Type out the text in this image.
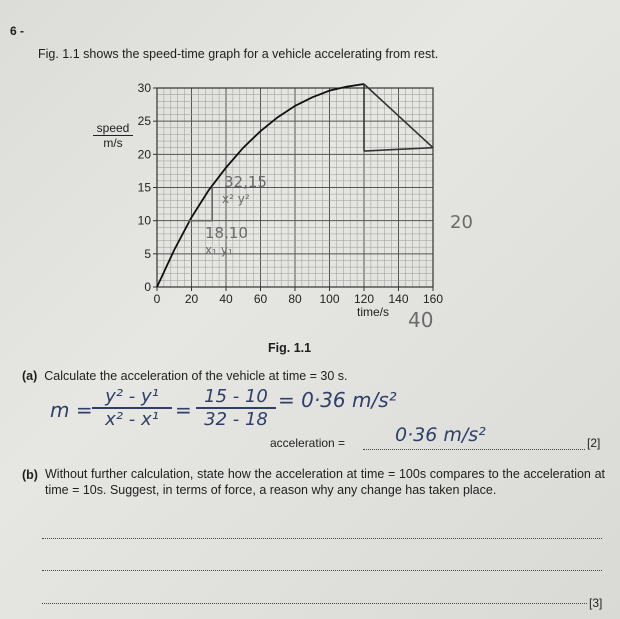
6 -
Fig. 1.1 shows the speed-time graph for a vehicle accelerating from rest.
0 20 40 60 80 100 120 140 160
0
5
10
15
20
25
30
speed
m/s
time/s
Fig. 1.1
32,15
x² y²
18,10
x₁ y₁
20
40
(a) Calculate the acceleration of the vehicle at time = 30 s.
$m = \frac{\text{y² - y¹}}{\text{x² - x¹}} = \frac{15 - 10}{32 - 18} = 0\cdot 36$ m/s²
acceleration =	0·36 m/s²	[2]
(b) Without further calculation, state how the acceleration at time = 100s compares to the acceleration at time = 10s. Suggest, in terms of force, a reason why any change has taken place.
[3]
